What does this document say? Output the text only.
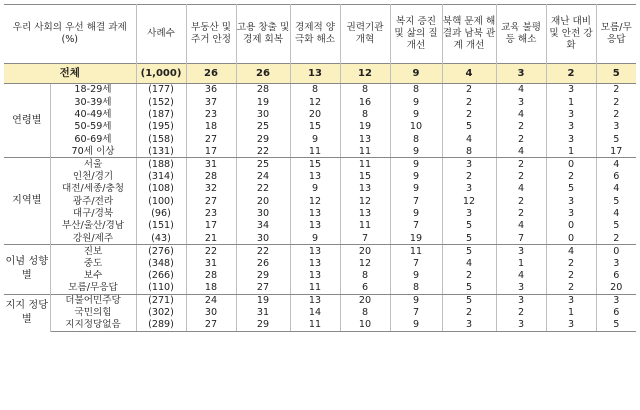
우리 사회의 우선 해결 과제 (%)		사례수	부동산 및 주거 안정	고용 창출 및 경제 회복	경제적 양극화 해소	권력기관 개혁	복지 증진 및 삶의 질 개선	북핵 문제 해결과 남북 관계 개선	교육 불평등 해소	재난 대비 및 안전 강화	모름/무응답
전체		(1,000)	26	26	13	12	9	4	3	2	5
연령별	18-29세	(177)	36	28	8	8	8	2	4	3	2
	30-39세	(152)	37	19	12	16	9	2	3	1	2
	40-49세	(187)	23	30	20	8	9	2	4	3	2
	50-59세	(195)	18	25	15	19	10	5	2	3	3
	60-69세	(158)	27	29	9	13	8	4	2	3	5
	70세 이상	(131)	17	22	11	11	9	8	4	1	17
지역별	서울	(188)	31	25	15	11	9	3	2	0	4
	인천/경기	(314)	28	24	13	15	9	2	2	2	6
	대전/세종/충청	(108)	32	22	9	13	9	3	4	5	4
	광주/전라	(100)	27	20	12	12	7	12	2	3	5
	대구/경북	(96)	23	30	13	13	9	3	2	3	4
	부산/울산/경남	(151)	17	34	13	11	7	5	4	0	5
	강원/제주	(43)	21	30	9	7	19	5	7	0	2
이념 성향별	진보	(276)	22	22	13	20	11	5	3	4	0
	중도	(348)	31	26	13	12	7	4	1	2	3
	보수	(266)	28	29	13	8	9	2	4	2	6
	모름/무응답	(110)	18	27	11	6	8	5	3	2	20
지지 정당별	더불어민주당	(271)	24	19	13	20	9	5	3	3	3
	국민의힘	(302)	30	31	14	8	7	2	2	1	6
	지지정당없음	(289)	27	29	11	10	9	3	3	3	5
